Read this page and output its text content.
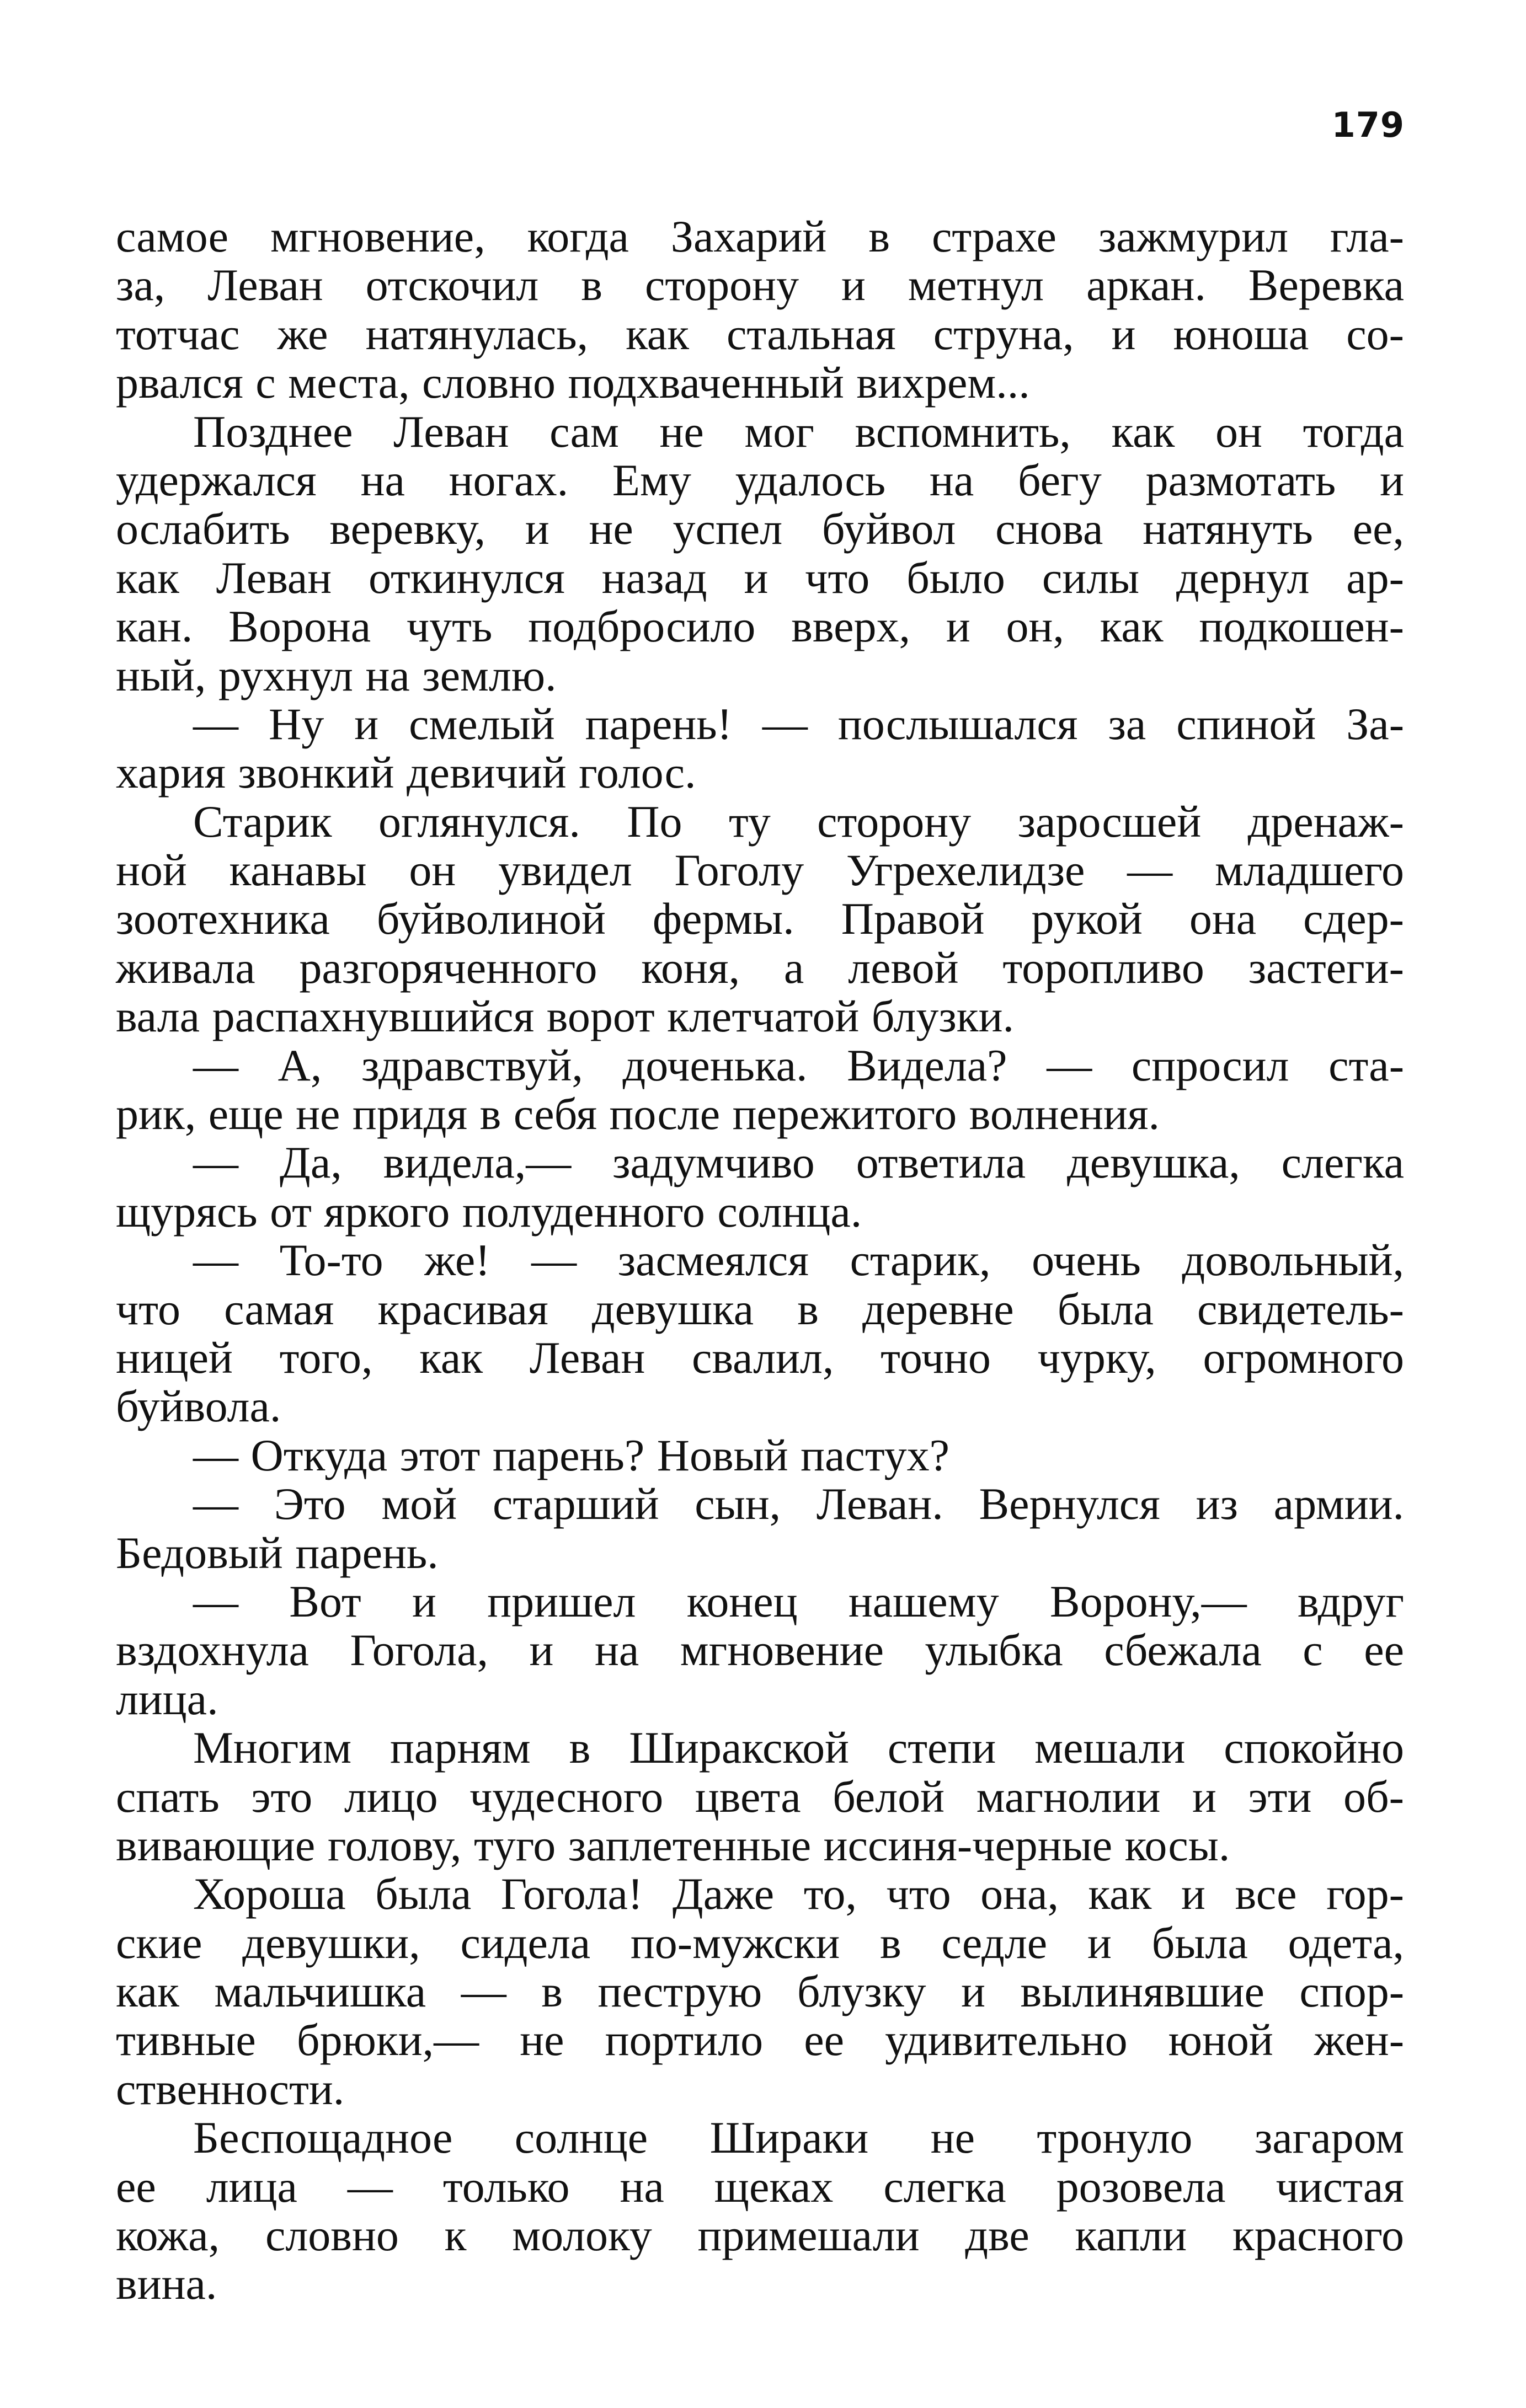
179
самое мгновение, когда Захарий в страхе зажмурил гла-
за, Леван отскочил в сторону и метнул аркан. Веревка
тотчас же натянулась, как стальная струна, и юноша со-
рвался с места, словно подхваченный вихрем...
Позднее Леван сам не мог вспомнить, как он тогда
удержался на ногах. Ему удалось на бегу размотать и
ослабить веревку, и не успел буйвол снова натянуть ее,
как Леван откинулся назад и что было силы дернул ар-
кан. Ворона чуть подбросило вверх, и он, как подкошен-
ный, рухнул на землю.
— Ну и смелый парень! — послышался за спиной За-
хария звонкий девичий голос.
Старик оглянулся. По ту сторону заросшей дренаж-
ной канавы он увидел Гоголу Угрехелидзе — младшего
зоотехника буйволиной фермы. Правой рукой она сдер-
живала разгоряченного коня, а левой торопливо застеги-
вала распахнувшийся ворот клетчатой блузки.
— А, здравствуй, доченька. Видела? — спросил ста-
рик, еще не придя в себя после пережитого волнения.
— Да, видела,— задумчиво ответила девушка, слегка
щурясь от яркого полуденного солнца.
— То-то же! — засмеялся старик, очень довольный,
что самая красивая девушка в деревне была свидетель-
ницей того, как Леван свалил, точно чурку, огромного
буйвола.
— Откуда этот парень? Новый пастух?
— Это мой старший сын, Леван. Вернулся из армии.
Бедовый парень.
— Вот и пришел конец нашему Ворону,— вдруг
вздохнула Гогола, и на мгновение улыбка сбежала с ее
лица.
Многим парням в Ширакской степи мешали спокойно
спать это лицо чудесного цвета белой магнолии и эти об-
вивающие голову, туго заплетенные иссиня-черные косы.
Хороша была Гогола! Даже то, что она, как и все гор-
ские девушки, сидела по-мужски в седле и была одета,
как мальчишка — в пеструю блузку и вылинявшие спор-
тивные брюки,— не портило ее удивительно юной жен-
ственности.
Беспощадное солнце Шираки не тронуло загаром
ее лица — только на щеках слегка розовела чистая
кожа, словно к молоку примешали две капли красного
вина.
